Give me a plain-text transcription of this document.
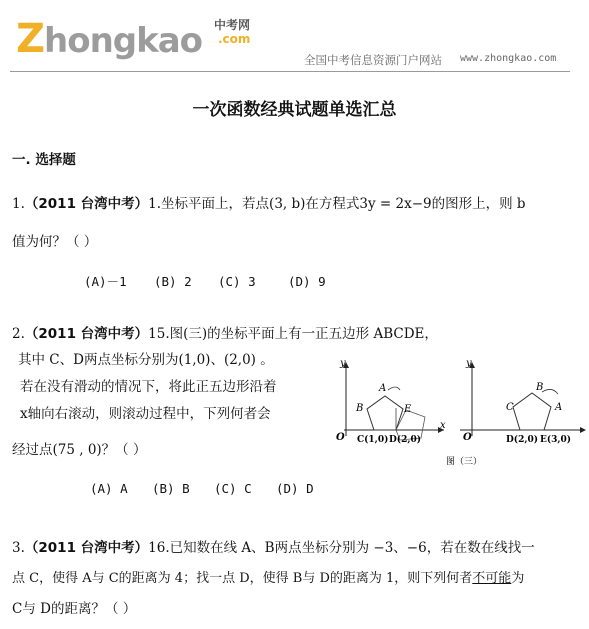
Zhongkao 中考网
.com
全国中考信息资源门户网站 www.zhongkao.com
一次函数经典试题单选汇总
一. 选择题
1.（2011 台湾中考）1.坐标平面上，若点(3, b)在方程式3y = 2x−9的图形上，则 b
值为何？（ ）
(A)－1 (B) 2 (C) 3	(D) 9
2.（2011 台湾中考）15.图(三)的坐标平面上有一正五边形 ABCDE，
其中 C、D两点坐标分别为(1,0)、(2,0) 。
若在没有滑动的情况下，将此正五边形沿着
x轴向右滚动，则滚动过程中，下列何者会
经过点(75 , 0)？（ ）
(A) A (B) B (C) C (D) D
y
x
O
A
B	E
C(1,0) D(2,0)
y
O
B
C	A
D(2,0) E(3,0)
图（三）
3.（2011 台湾中考）16.已知数在线 A、B两点坐标分别为 −3、−6，若在数在线找一
点 C，使得 A与 C的距离为 4；找一点 D，使得 B与 D的距离为 1，则下列何者不可能为
C与 D的距离？（ ）
